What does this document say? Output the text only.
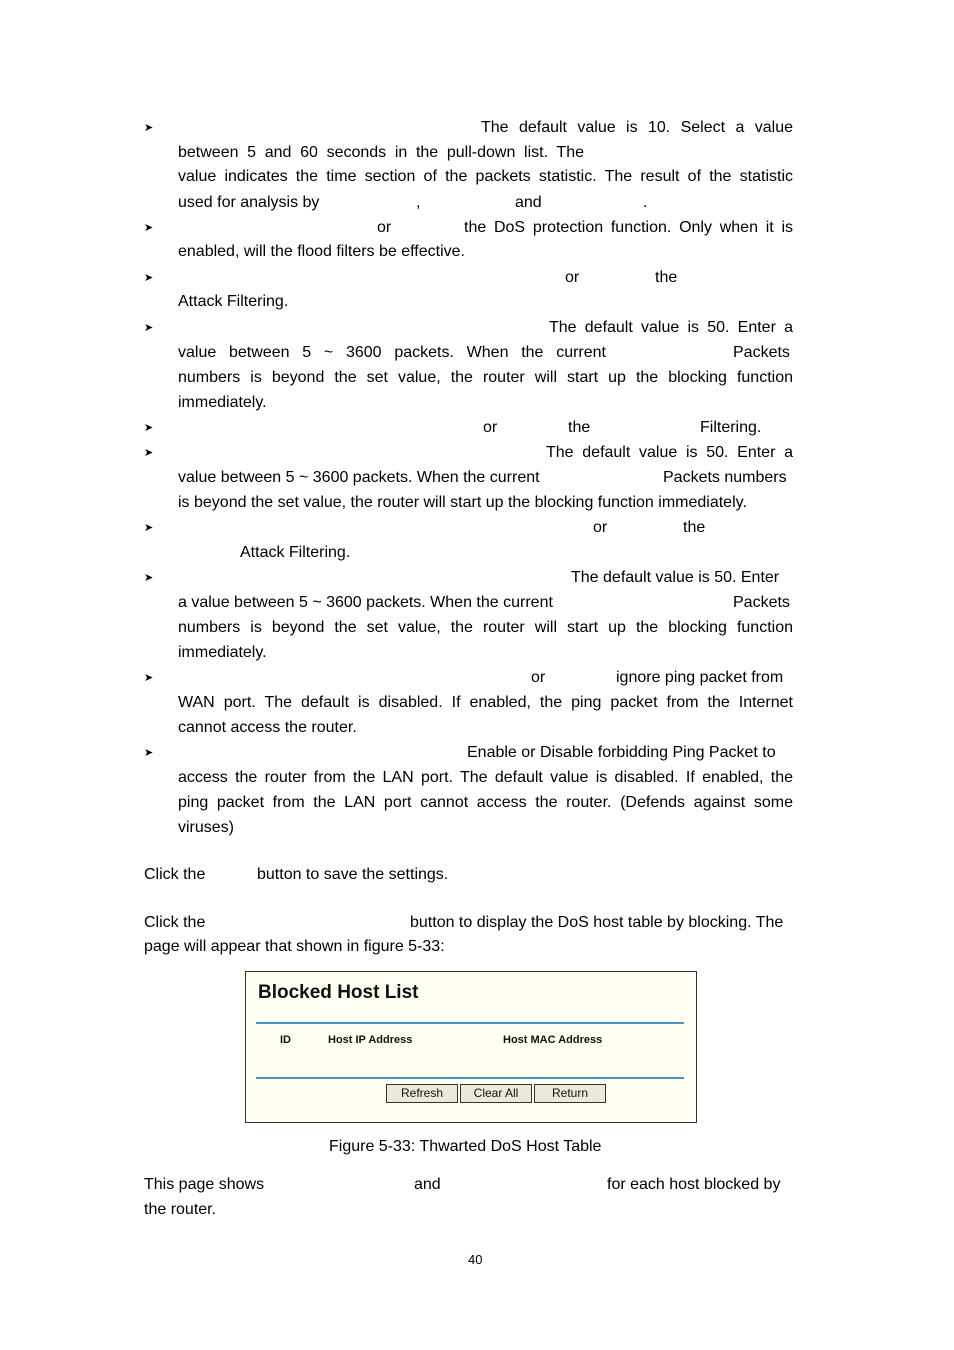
➤
➤
➤
➤
➤
➤
➤
➤
➤
➤
The default value is 10. Select a value
between 5 and 60 seconds in the pull-down list. The
value indicates the time section of the packets statistic. The result of the statistic
used for analysis by	,	and	.
or	the DoS protection function. Only when it is
enabled, will the flood filters be effective.
or	the
Attack Filtering.
The default value is 50. Enter a
value between 5 ~ 3600 packets. When the current	Packets
numbers is beyond the set value, the router will start up the blocking function
immediately.
or	the	Filtering.
The default value is 50. Enter a
value between 5 ~ 3600 packets. When the current	Packets numbers
is beyond the set value, the router will start up the blocking function immediately.
or	the
Attack Filtering.
The default value is 50. Enter
a value between 5 ~ 3600 packets. When the current	Packets
numbers is beyond the set value, the router will start up the blocking function
immediately.
or	ignore ping packet from
WAN port. The default is disabled. If enabled, the ping packet from the Internet
cannot access the router.
Enable or Disable forbidding Ping Packet to
access the router from the LAN port. The default value is disabled. If enabled, the
ping packet from the LAN port cannot access the router. (Defends against some
viruses)
Click the	button to save the settings.
Click the	button to display the DoS host table by blocking. The
page will appear that shown in figure 5-33:
Blocked Host List
ID	Host IP Address	Host MAC Address
Refresh	Clear All	Return
Figure 5-33: Thwarted DoS Host Table
This page shows	and	for each host blocked by
the router.
40
